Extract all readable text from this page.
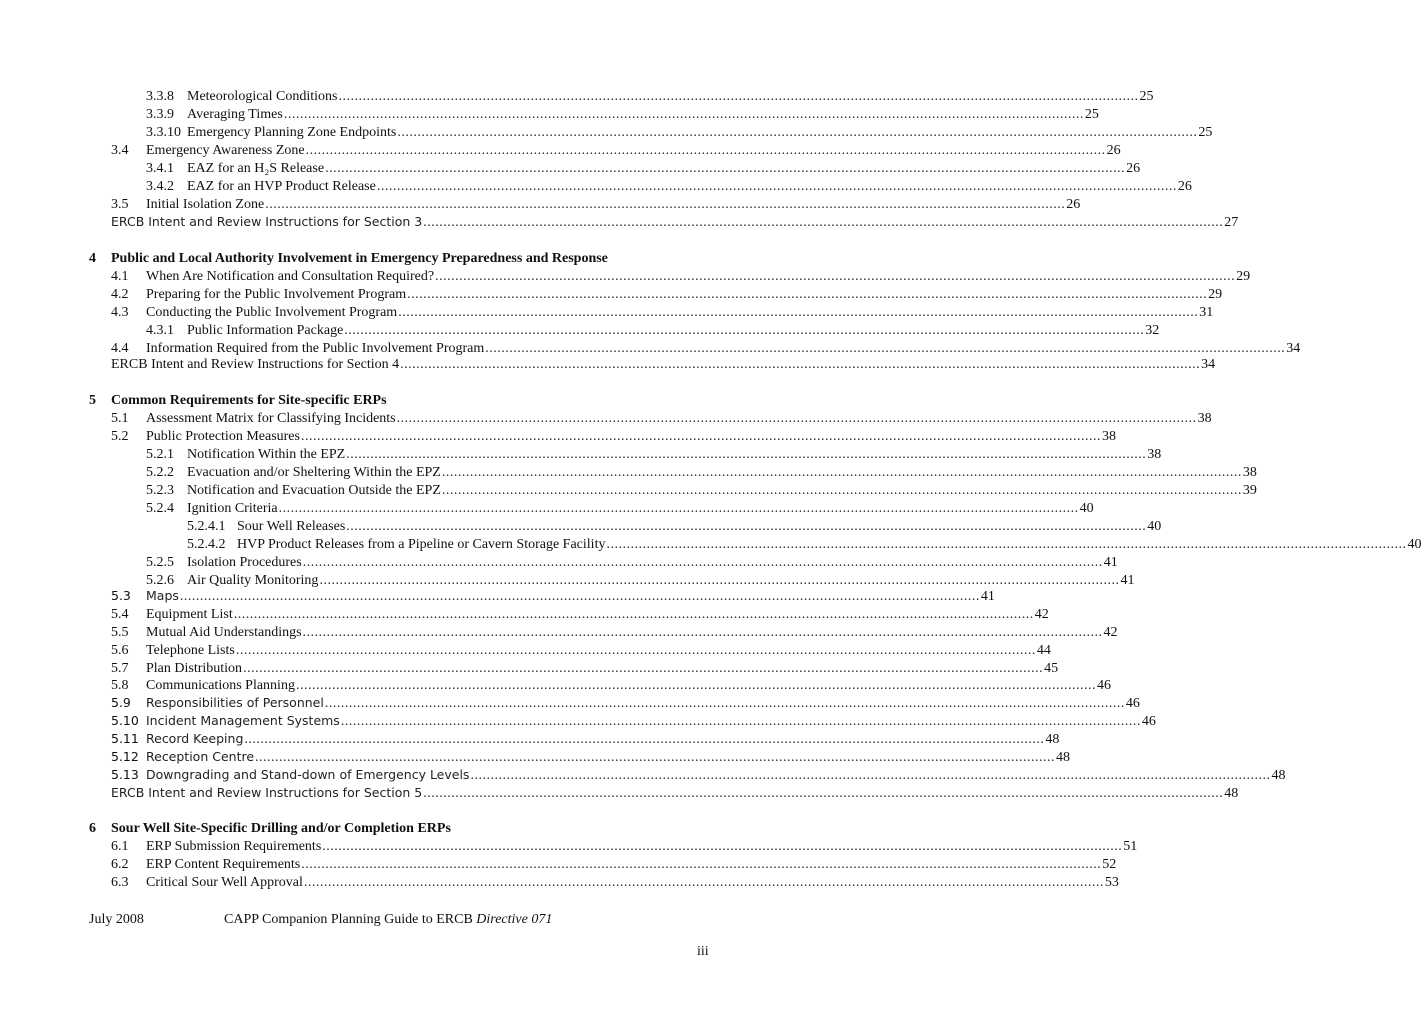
3.3.8 Meteorological Conditions ........................................................................................................................................................................................................ 25
3.3.9 Averaging Times ........................................................................................................................................................................................................ 25
3.3.10 Emergency Planning Zone Endpoints ........................................................................................................................................................................................................ 25
3.4 Emergency Awareness Zone ........................................................................................................................................................................................................ 26
3.4.1 EAZ for an H₂S Release ........................................................................................................................................................................................................ 26
3.4.2 EAZ for an HVP Product Release ........................................................................................................................................................................................................ 26
3.5 Initial Isolation Zone ........................................................................................................................................................................................................ 26
ERCB Intent and Review Instructions for Section 3 ........................................................................................................................................................................................................ 27
4 Public and Local Authority Involvement in Emergency Preparedness and Response
4.1 When Are Notification and Consultation Required? ........................................................................................................................................................................................................ 29
4.2 Preparing for the Public Involvement Program ........................................................................................................................................................................................................ 29
4.3 Conducting the Public Involvement Program ........................................................................................................................................................................................................ 31
4.3.1 Public Information Package ........................................................................................................................................................................................................ 32
4.4 Information Required from the Public Involvement Program ........................................................................................................................................................................................................ 34
ERCB Intent and Review Instructions for Section 4 ........................................................................................................................................................................................................ 34
5 Common Requirements for Site-specific ERPs
5.1 Assessment Matrix for Classifying Incidents ........................................................................................................................................................................................................ 38
5.2 Public Protection Measures ........................................................................................................................................................................................................ 38
5.2.1 Notification Within the EPZ ........................................................................................................................................................................................................ 38
5.2.2 Evacuation and/or Sheltering Within the EPZ ........................................................................................................................................................................................................ 38
5.2.3 Notification and Evacuation Outside the EPZ ........................................................................................................................................................................................................ 39
5.2.4 Ignition Criteria ........................................................................................................................................................................................................ 40
5.2.4.1 Sour Well Releases ........................................................................................................................................................................................................ 40
5.2.4.2 HVP Product Releases from a Pipeline or Cavern Storage Facility ........................................................................................................................................................................................................ 40
5.2.5 Isolation Procedures ........................................................................................................................................................................................................ 41
5.2.6 Air Quality Monitoring ........................................................................................................................................................................................................ 41
5.3 Maps ........................................................................................................................................................................................................ 41
5.4 Equipment List ........................................................................................................................................................................................................ 42
5.5 Mutual Aid Understandings ........................................................................................................................................................................................................ 42
5.6 Telephone Lists ........................................................................................................................................................................................................ 44
5.7 Plan Distribution ........................................................................................................................................................................................................ 45
5.8 Communications Planning ........................................................................................................................................................................................................ 46
5.9 Responsibilities of Personnel ........................................................................................................................................................................................................ 46
5.10 Incident Management Systems ........................................................................................................................................................................................................ 46
5.11 Record Keeping ........................................................................................................................................................................................................ 48
5.12 Reception Centre ........................................................................................................................................................................................................ 48
5.13 Downgrading and Stand-down of Emergency Levels ........................................................................................................................................................................................................ 48
ERCB Intent and Review Instructions for Section 5 ........................................................................................................................................................................................................ 48
6 Sour Well Site-Specific Drilling and/or Completion ERPs
6.1 ERP Submission Requirements ........................................................................................................................................................................................................ 51
6.2 ERP Content Requirements ........................................................................................................................................................................................................ 52
6.3 Critical Sour Well Approval ........................................................................................................................................................................................................ 53
July 2008	CAPP Companion Planning Guide to ERCB Directive 071
iii
